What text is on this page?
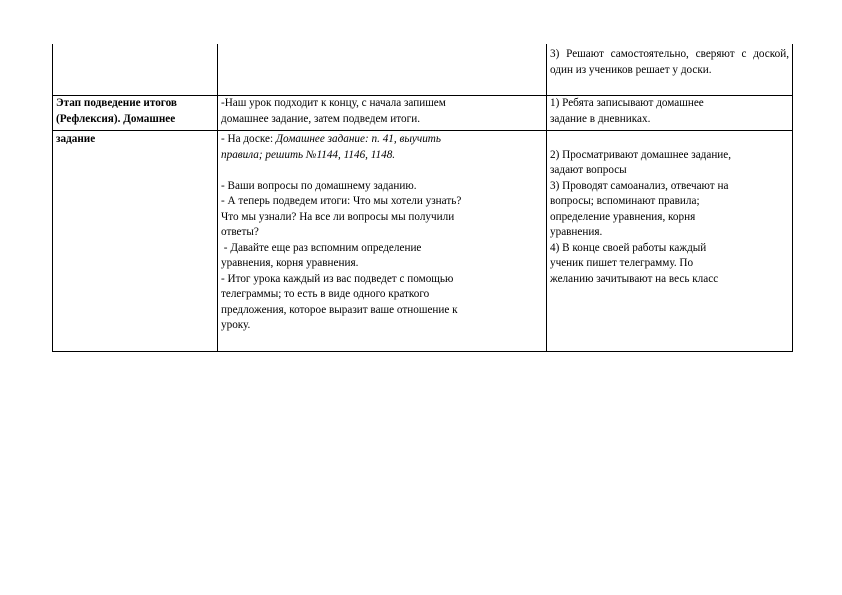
3) Решают самостоятельно, сверяют с доской, один из учеников решает у доски.
Этап подведение итогов
(Рефлексия). Домашнее
-Наш урок подходит к концу, с начала запишем
домашнее задание, затем подведем итоги.
1) Ребята записывают домашнее
задание в дневниках.
задание	- На доске: Домашнее задание: п. 41, выучить
правила; решить №1144, 1146, 1148.
- Ваши вопросы по домашнему заданию.
- А теперь подведем итоги: Что мы хотели узнать?
Что мы узнали? На все ли вопросы мы получили
ответы?
- Давайте еще раз вспомним определение
уравнения, корня уравнения.
- Итог урока каждый из вас подведет с помощью
телеграммы; то есть в виде одного краткого
предложения, которое выразит ваше отношение к
уроку.
2) Просматривают домашнее задание,
задают вопросы
3) Проводят самоанализ, отвечают на
вопросы; вспоминают правила;
определение уравнения, корня
уравнения.
4) В конце своей работы каждый
ученик пишет телеграмму. По
желанию зачитывают на весь класс
